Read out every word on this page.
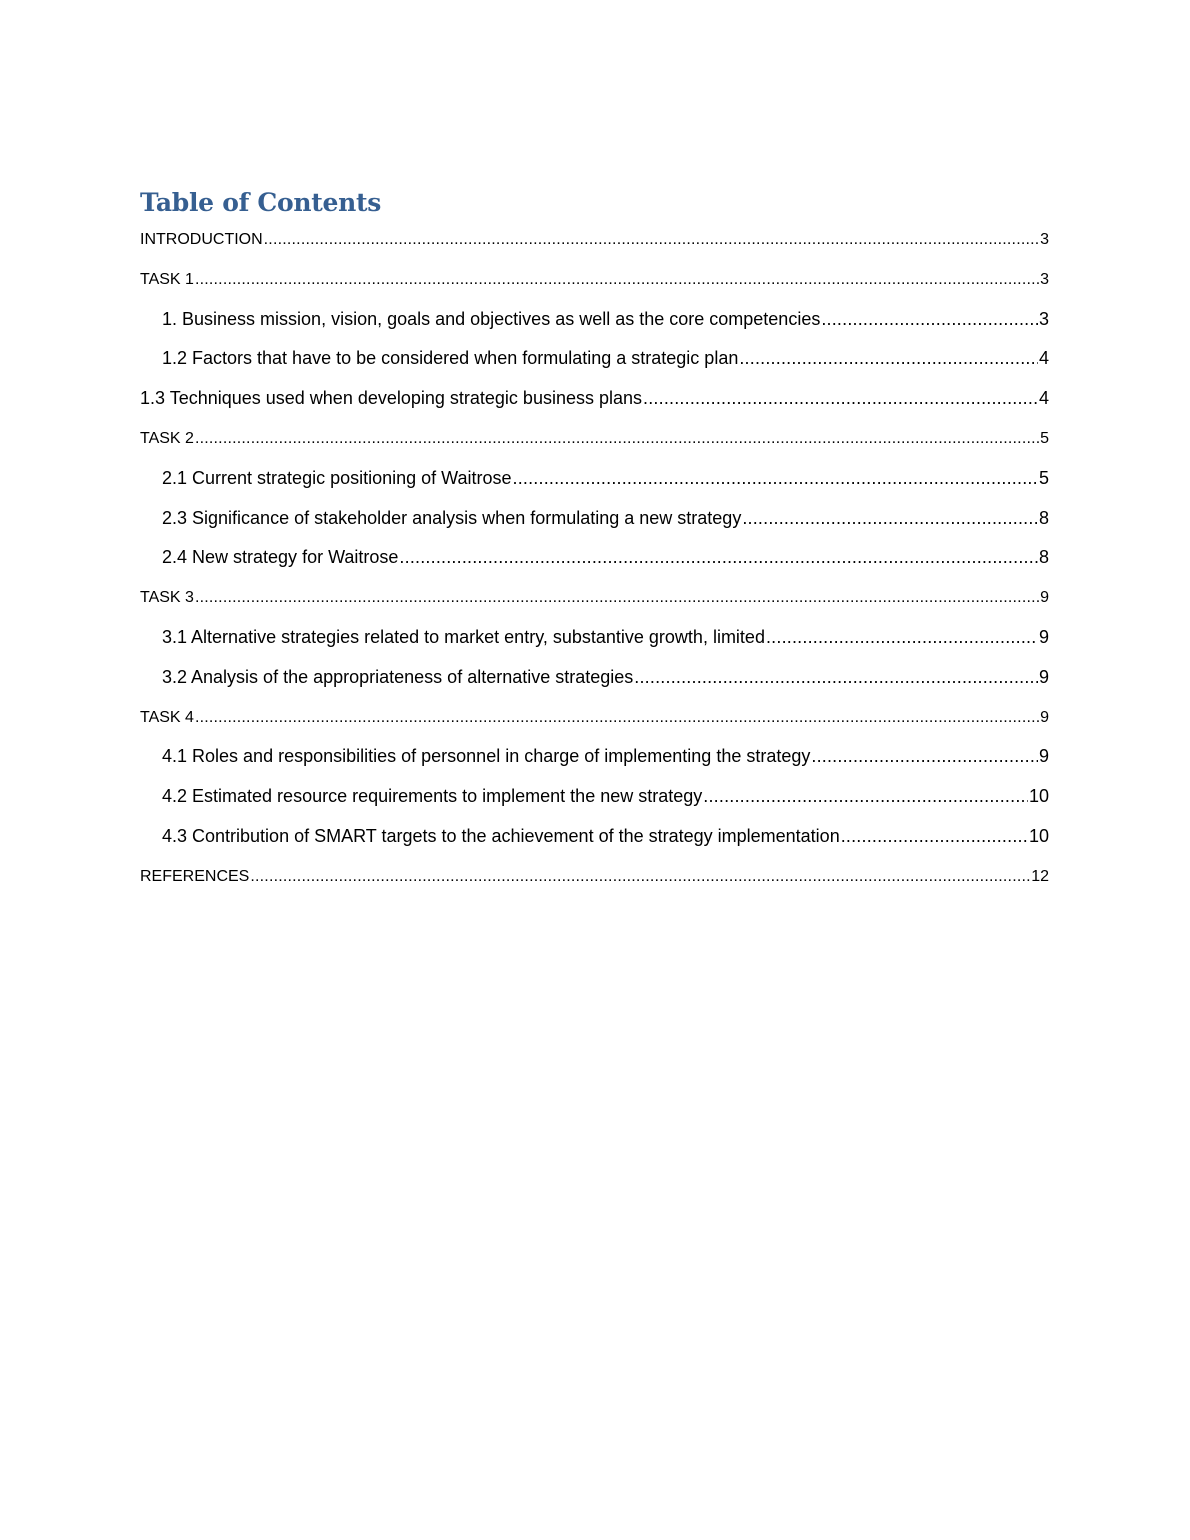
Table of Contents
INTRODUCTION .....	3
TASK 1 .....	3
1. Business mission, vision, goals and objectives as well as the core competencies .....	3
1.2 Factors that have to be considered when formulating a strategic plan .....	4
1.3 Techniques used when developing strategic business plans .....	4
TASK 2 .....	5
2.1 Current strategic positioning of Waitrose .....	5
2.3 Significance of stakeholder analysis when formulating a new strategy .....	8
2.4 New strategy for Waitrose .....	8
TASK 3 .....	9
3.1 Alternative strategies related to market entry, substantive growth, limited .....	9
3.2 Analysis of the appropriateness of alternative strategies .....	9
TASK 4 .....	9
4.1 Roles and responsibilities of personnel in charge of implementing the strategy .....	9
4.2 Estimated resource requirements to implement the new strategy .....	10
4.3 Contribution of SMART targets to the achievement of the strategy implementation .....	10
REFERENCES .....	12
